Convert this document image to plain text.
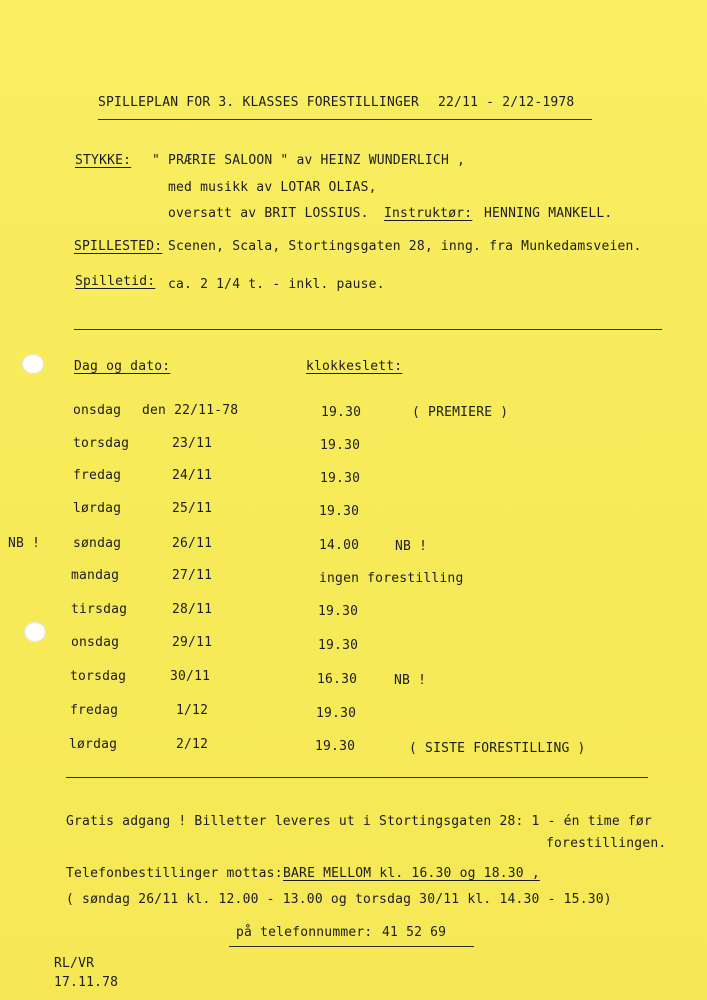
SPILLEPLAN FOR 3. KLASSES FORESTILLINGER 22/11 - 2/12-1978
STYKKE: " PRÆRIE SALOON " av HEINZ WUNDERLICH ,
med musikk av LOTAR OLIAS,
oversatt av BRIT LOSSIUS. Instruktør: HENNING MANKELL.
SPILLESTED: Scenen, Scala, Stortingsgaten 28, inng. fra Munkedamsveien.
Spilletid: ca. 2 1/4 t. - inkl. pause.
Dag og dato:	klokkeslett:
NB !
onsdag den 22/11-78	19.30	( PREMIERE )
torsdag	23/11	19.30
fredag	24/11	19.30
lørdag	25/11	19.30
søndag	26/11	14.00	NB !
mandag	27/11	ingen forestilling
tirsdag	28/11	19.30
onsdag	29/11	19.30
torsdag	30/11	16.30	NB !
fredag	1/12	19.30
lørdag	2/12	19.30	( SISTE FORESTILLING )
Gratis adgang ! Billetter leveres ut i Stortingsgaten 28: 1 - én time før
forestillingen.
Telefonbestillinger mottas: BARE MELLOM kl. 16.30 og 18.30 ,
( søndag 26/11 kl. 12.00 - 13.00 og torsdag 30/11 kl. 14.30 - 15.30)
på telefonnummer: 41 52 69
RL/VR
17.11.78
